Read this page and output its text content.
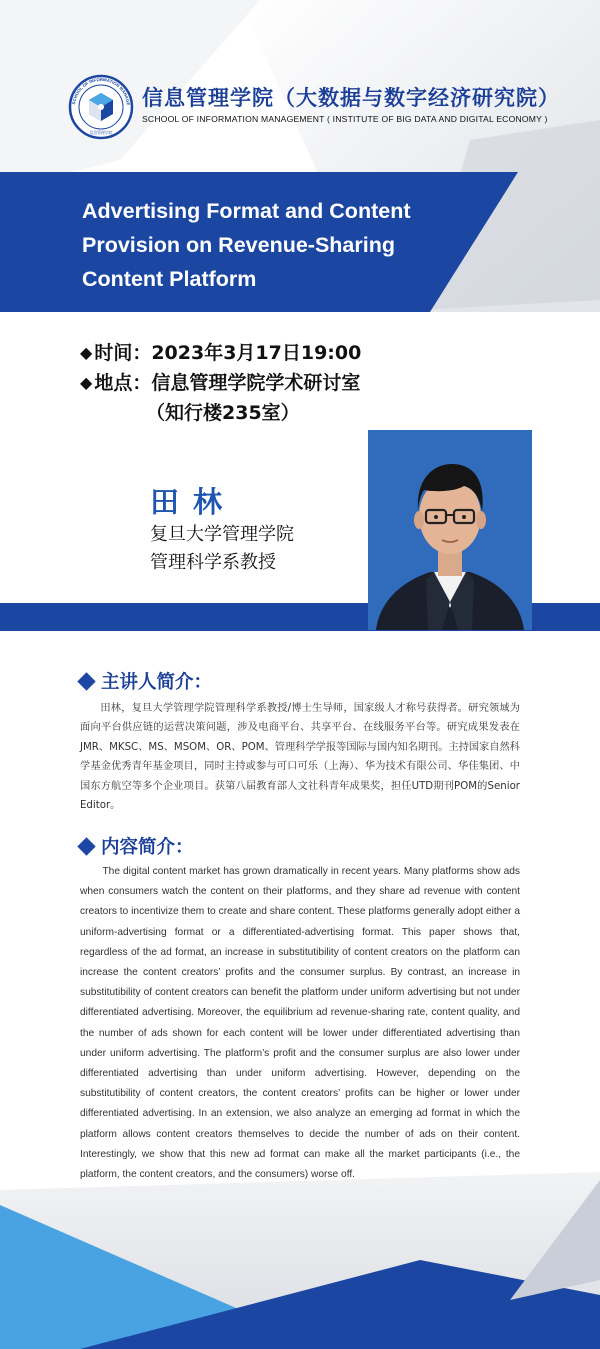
SCHOOL OF INFORMATION MANAGE
信息管理学院
信息管理学院（大数据与数字经济研究院）
SCHOOL OF INFORMATION MANAGEMENT ( INSTITUTE OF BIG DATA AND DIGITAL ECONOMY )
Advertising Format and Content
Provision on Revenue-Sharing
Content Platform
◆ 时间： 2023年3月17日19:00
◆ 地点： 信息管理学院学术研讨室
（知行楼235室）
田林
复旦大学管理学院
管理科学系教授
主讲人简介：
田林，复旦大学管理学院管理科学系教授/博士生导师，国家级人才称号获得者。研究领域为面向平台供应链的运营决策问题，涉及电商平台、共享平台、在线服务平台等。研究成果发表在JMR、MKSC、MS、MSOM、OR、POM、管理科学学报等国际与国内知名期刊。主持国家自然科学基金优秀青年基金项目，同时主持或参与可口可乐（上海）、华为技术有限公司、华佳集团、中国东方航空等多个企业项目。获第八届教育部人文社科青年成果奖，担任UTD期刊POM的Senior Editor。
内容简介：
The digital content market has grown dramatically in recent years. Many platforms show ads when consumers watch the content on their platforms, and they share ad revenue with content creators to incentivize them to create and share content. These platforms generally adopt either a uniform-advertising format or a differentiated-advertising format. This paper shows that, regardless of the ad format, an increase in substitutibility of content creators on the platform can increase the content creators’ profits and the consumer surplus. By contrast, an increase in substitutibility of content creators can benefit the platform under uniform advertising but not under differentiated advertising. Moreover, the equilibrium ad revenue-sharing rate, content quality, and the number of ads shown for each content will be lower under differentiated advertising than under uniform advertising. The platform’s profit and the consumer surplus are also lower under differentiated advertising than under uniform advertising. However, depending on the substitutibility of content creators, the content creators’ profits can be higher or lower under differentiated advertising. In an extension, we also analyze an emerging ad format in which the platform allows content creators themselves to decide the number of ads on their content. Interestingly, we show that this new ad format can make all the market participants (i.e., the platform, the content creators, and the consumers) worse off.
